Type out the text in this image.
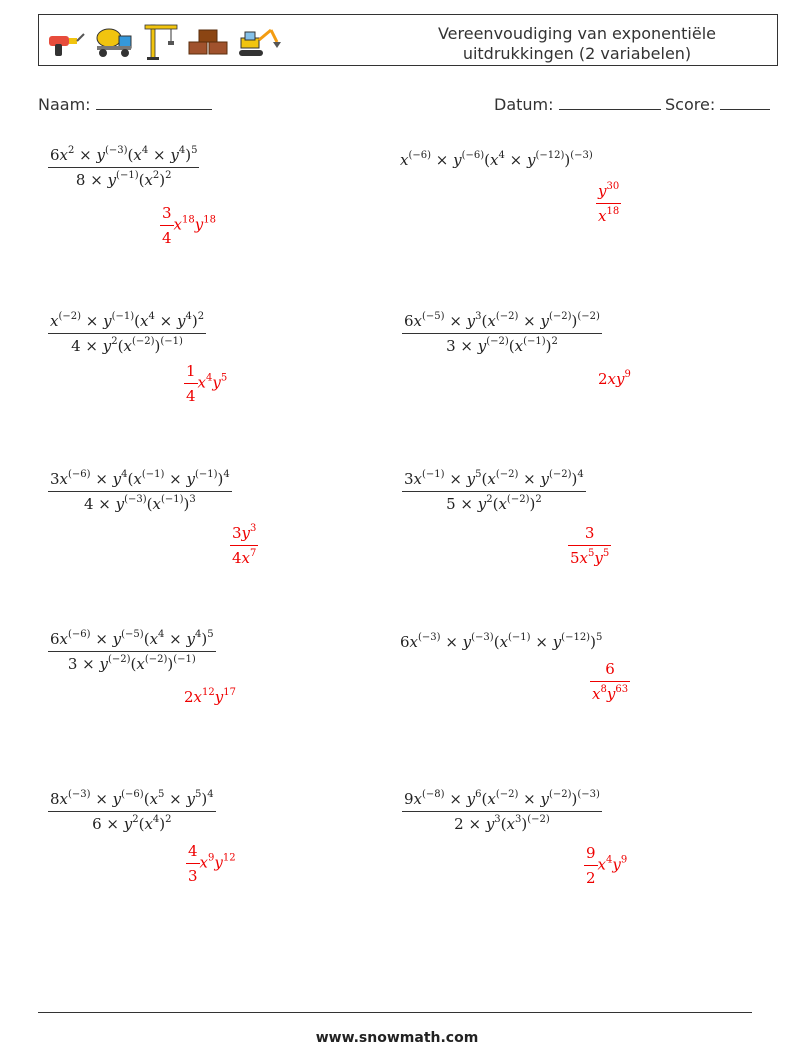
Vereenvoudiging van exponentiële uitdrukkingen (2 variabelen)
Naam:	Datum:	Score:
$\frac{6x^2 \times y^{(-3)}(x^4 \times y^4)^5}{8 \times y^{(-1)}(x^2)^2}$
$\frac{3}{4} x^{18}y^{18}$
$x^{(-6)} \times y^{(-6)}(x^4 \times y^{(-12)})^{(-3)}$
$\frac{y^{30}}{x^{18}}$
$\frac{x^{(-2)} \times y^{(-1)}(x^4 \times y^4)^2}{4 \times y^2(x^{(-2)})^{(-1)}}$
$\frac{1}{4} x^4y^5$
$\frac{6x^{(-5)} \times y^3(x^{(-2)} \times y^{(-2)})^{(-2)}}{3 \times y^{(-2)}(x^{(-1)})^2}$
$2xy^9$
$\frac{3x^{(-6)} \times y^4(x^{(-1)} \times y^{(-1)})^4}{4 \times y^{(-3)}(x^{(-1)})^3}$
$\frac{3y^3}{4x^7}$
$\frac{3x^{(-1)} \times y^5(x^{(-2)} \times y^{(-2)})^4}{5 \times y^2(x^{(-2)})^2}$
$\frac{3}{5x^5y^5}$
$\frac{6x^{(-6)} \times y^{(-5)}(x^4 \times y^4)^5}{3 \times y^{(-2)}(x^{(-2)})^{(-1)}}$
$2x^{12}y^{17}$
$6x^{(-3)} \times y^{(-3)}(x^{(-1)} \times y^{(-12)})^5$
$\frac{6}{x^8y^{63}}$
$\frac{8x^{(-3)} \times y^{(-6)}(x^5 \times y^5)^4}{6 \times y^2(x^4)^2}$
$\frac{4}{3} x^9y^{12}$
$\frac{9x^{(-8)} \times y^6(x^{(-2)} \times y^{(-2)})^{(-3)}}{2 \times y^3(x^3)^{(-2)}}$
$\frac{9}{2} x^4y^9$
www.snowmath.com
